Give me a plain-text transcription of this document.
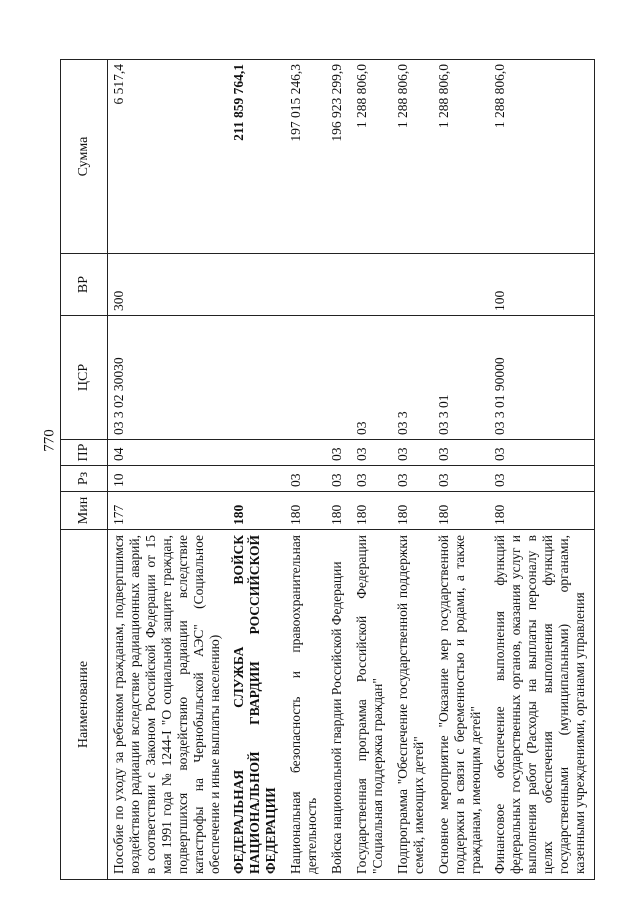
770
Наименование	Мин	Рз	ПР	ЦСР	ВР	Сумма
Пособие по уходу за ребенком гражданам, подвергшимся воздействию радиации вследствие радиационных аварий, в соответствии с Законом Российской Федерации от 15 мая 1991 года № 1244-I "О социальной защите граждан, подвергшихся воздействию радиации вследствие катастрофы на Чернобыльской АЭС" (Социальное обеспечение и иные выплаты населению)	177	10	04	03 3 02 30030	300	6 517,4
ФЕДЕРАЛЬНАЯ СЛУЖБА ВОЙСК НАЦИОНАЛЬНОЙ ГВАРДИИ РОССИЙСКОЙ ФЕДЕРАЦИИ	180					211 859 764,1
Национальная безопасность и правоохранительная деятельность	180	03				197 015 246,3
Войска национальной гвардии Российской Федерации	180	03	03			196 923 299,9
Государственная программа Российской Федерации "Социальная поддержка граждан"	180	03	03	03		1 288 806,0
Подпрограмма "Обеспечение государственной поддержки семей, имеющих детей"	180	03	03	03 3		1 288 806,0
Основное мероприятие "Оказание мер государственной поддержки в связи с беременностью и родами, а также гражданам, имеющим детей"	180	03	03	03 3 01		1 288 806,0
Финансовое обеспечение выполнения функций федеральных государственных органов, оказания услуг и выполнения работ (Расходы на выплаты персоналу в целях обеспечения выполнения функций государственными (муниципальными) органами, казенными учреждениями, органами управления	180	03	03	03 3 01 90000	100	1 288 806,0
